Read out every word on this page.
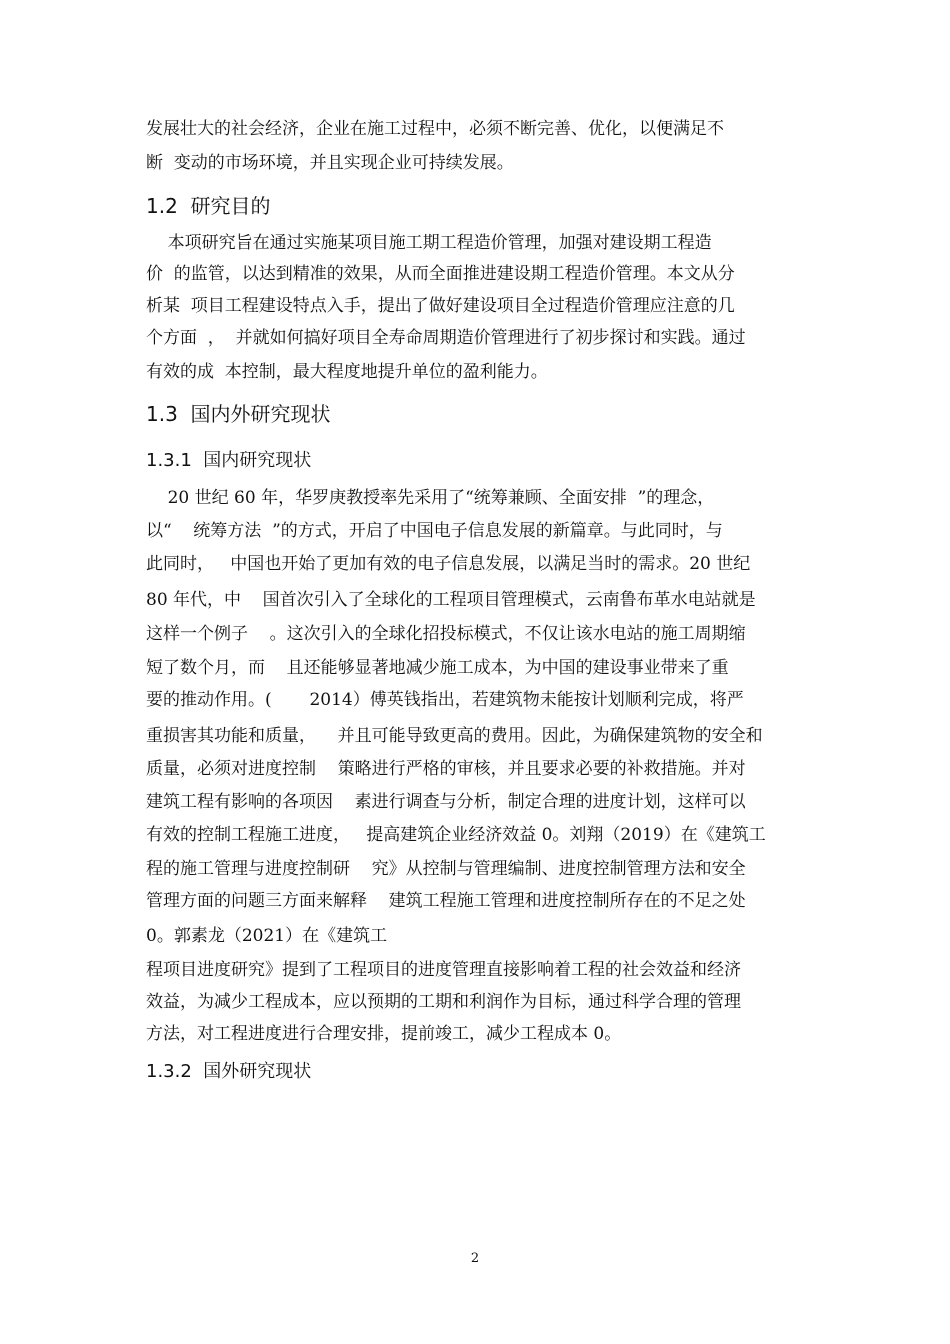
发展壮大的社会经济，企业在施工过程中，必须不断完善、优化，以便满足不

断  变动的市场环境，并且实现企业可持续发展。

1.2  研究目的

本项研究旨在通过实施某项目施工期工程造价管理，加强对建设期工程造

价  的监管，以达到精准的效果，从而全面推进建设期工程造价管理。本文从分

析某  项目工程建设特点入手，提出了做好建设项目全过程造价管理应注意的几

个方面  ，  并就如何搞好项目全寿命周期造价管理进行了初步探讨和实践。通过

有效的成  本控制，最大程度地提升单位的盈利能力。

1.3  国内外研究现状
1.3.1  国内研究现状

20 世纪 60 年，华罗庚教授率先采用了“统筹兼顾、全面安排  ”的理念，

以“    统筹方法  ”的方式，开启了中国电子信息发展的新篇章。与此同时，与

此同时，   中国也开始了更加有效的电子信息发展，以满足当时的需求。20 世纪

80 年代，中    国首次引入了全球化的工程项目管理模式，云南鲁布革水电站就是

这样一个例子    。这次引入的全球化招投标模式，不仅让该水电站的施工周期缩

短了数个月，而    且还能够显著地减少施工成本，为中国的建设事业带来了重

要的推动作用。(       2014）傅英钱指出，若建筑物未能按计划顺利完成，将严

重损害其功能和质量，    并且可能导致更高的费用。因此，为确保建筑物的安全和

质量，必须对进度控制    策略进行严格的审核，并且要求必要的补救措施。并对

建筑工程有影响的各项因    素进行调查与分析，制定合理的进度计划，这样可以

有效的控制工程施工进度，   提高建筑企业经济效益 0。刘翔（2019）在《建筑工

程的施工管理与进度控制研    究》从控制与管理编制、进度控制管理方法和安全

管理方面的问题三方面来解释    建筑工程施工管理和进度控制所存在的不足之处

0。郭素龙（2021）在《建筑工

程项目进度研究》提到了工程项目的进度管理直接影响着工程的社会效益和经济

效益，为减少工程成本，应以预期的工期和利润作为目标，通过科学合理的管理

方法，对工程进度进行合理安排，提前竣工，减少工程成本 0。

1.3.2  国外研究现状
2
